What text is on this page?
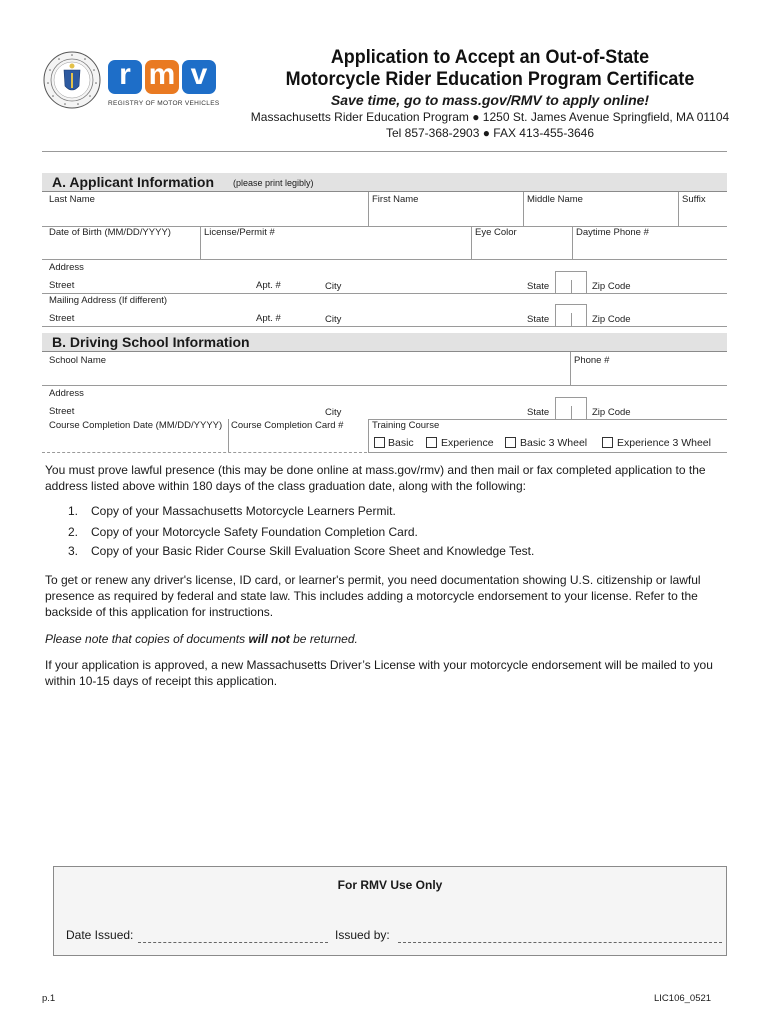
r m v
REGISTRY OF MOTOR VEHICLES
Application to Accept an Out-of-State
Motorcycle Rider Education Program Certificate
Save time, go to mass.gov/RMV to apply online!
Massachusetts Rider Education Program ● 1250 St. James Avenue Springfield, MA 01104
Tel 857-368-2903 ● FAX 413-455-3646
A. Applicant Information (please print legibly)
Last Name	First Name	Middle Name	Suffix
Date of Birth (MM/DD/YYYY)	License/Permit #	Eye Color	Daytime Phone #
Address
Street	Apt. #	City	State	Zip Code
Mailing Address (If different)
Street	Apt. #	City	State	Zip Code
B. Driving School Information
School Name	Phone #
Address
Street	City	State	Zip Code
Course Completion Date (MM/DD/YYYY) Course Completion Card #	Training Course
Basic	Experience	Basic 3 Wheel	Experience 3 Wheel

You must prove lawful presence (this may be done online at mass.gov/rmv) and then mail or fax completed application to the address listed above within 180 days of the class graduation date, along with the following:

1. Copy of your Massachusetts Motorcycle Learners Permit.
2. Copy of your Motorcycle Safety Foundation Completion Card.
3. Copy of your Basic Rider Course Skill Evaluation Score Sheet and Knowledge Test.

To get or renew any driver's license, ID card, or learner's permit, you need documentation showing U.S. citizenship or lawful presence as required by federal and state law. This includes adding a motorcycle endorsement to your license. Refer to the backside of this application for instructions.

Please note that copies of documents will not be returned.

If your application is approved, a new Massachusetts Driver’s License with your motorcycle endorsement will be mailed to you within 10-15 days of receipt this application.

For RMV Use Only
Date Issued:	Issued by:
p.1	LIC106_0521
